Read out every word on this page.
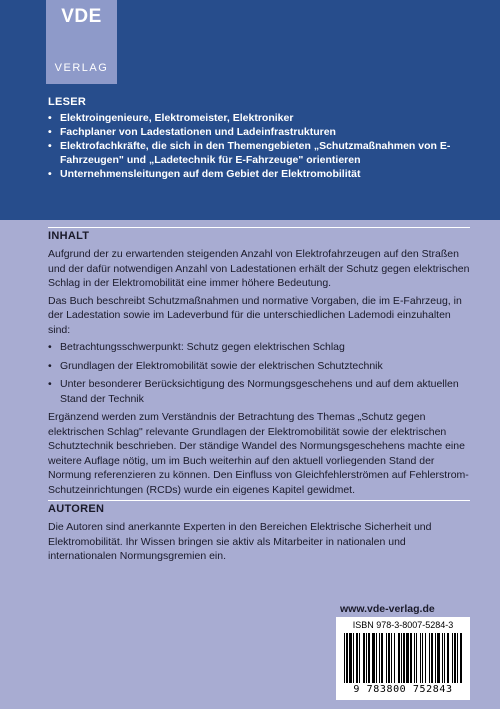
VDE
VERLAG
LESER
• Elektroingenieure, Elektromeister, Elektroniker
• Fachplaner von Ladestationen und Ladeinfrastrukturen
• Elektrofachkräfte, die sich in den Themengebieten „Schutzmaßnahmen von E-Fahrzeugen" und „Ladetechnik für E-Fahrzeuge" orientieren
• Unternehmensleitungen auf dem Gebiet der Elektromobilität
INHALT

Aufgrund der zu erwartenden steigenden Anzahl von Elektrofahrzeugen auf den Straßen und der dafür notwendigen Anzahl von Ladestationen erhält der Schutz gegen elektrischen Schlag in der Elektromobilität eine immer höhere Bedeutung.

Das Buch beschreibt Schutzmaßnahmen und normative Vorgaben, die im E-Fahrzeug, in der Ladestation sowie im Ladeverbund für die unterschiedlichen Lademodi einzuhalten sind:

• Betrachtungsschwerpunkt: Schutz gegen elektrischen Schlag
• Grundlagen der Elektromobilität sowie der elektrischen Schutztechnik
• Unter besonderer Berücksichtigung des Normungsgeschehens und auf dem aktuellen Stand der Technik

Ergänzend werden zum Verständnis der Betrachtung des Themas „Schutz gegen elektrischen Schlag" relevante Grundlagen der Elektromobilität sowie der elektrischen Schutztechnik beschrieben. Der ständige Wandel des Normungsgeschehens machte eine weitere Auflage nötig, um im Buch weiterhin auf den aktuell vorliegenden Stand der Normung referenzieren zu können. Den Einfluss von Gleichfehlerströmen auf Fehlerstrom-Schutzeinrichtungen (RCDs) wurde ein eigenes Kapitel gewidmet.

AUTOREN

Die Autoren sind anerkannte Experten in den Bereichen Elektrische Sicherheit und Elektromobilität. Ihr Wissen bringen sie aktiv als Mitarbeiter in nationalen und internationalen Normungsgremien ein.

www.vde-verlag.de
ISBN 978-3-8007-5284-3
9 783800 752843
